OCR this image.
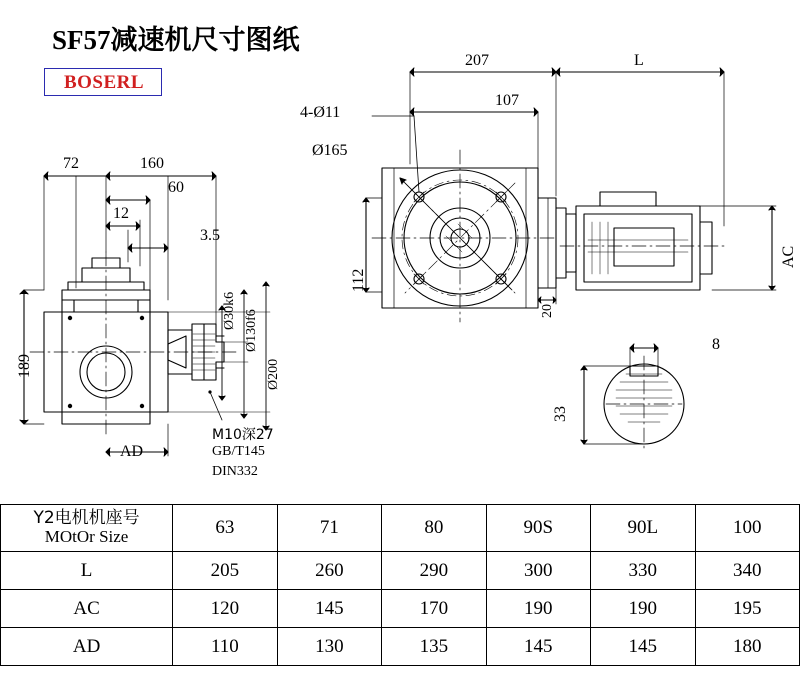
SF57减速机尺寸图纸
BOSERL
207	L
4-Ø11
107
Ø165
112
20
AC
72	160
60
12
3.5
189
Ø30k6 Ø130f6
Ø200
AD
M10深27
GB/T145
DIN332
8
33
Y2电机机座号
MOtOr Size	63	71	80	90S	90L	100
L	205	260	290	300	330	340
AC	120	145	170	190	190	195
AD	110	130	135	145	145	180
